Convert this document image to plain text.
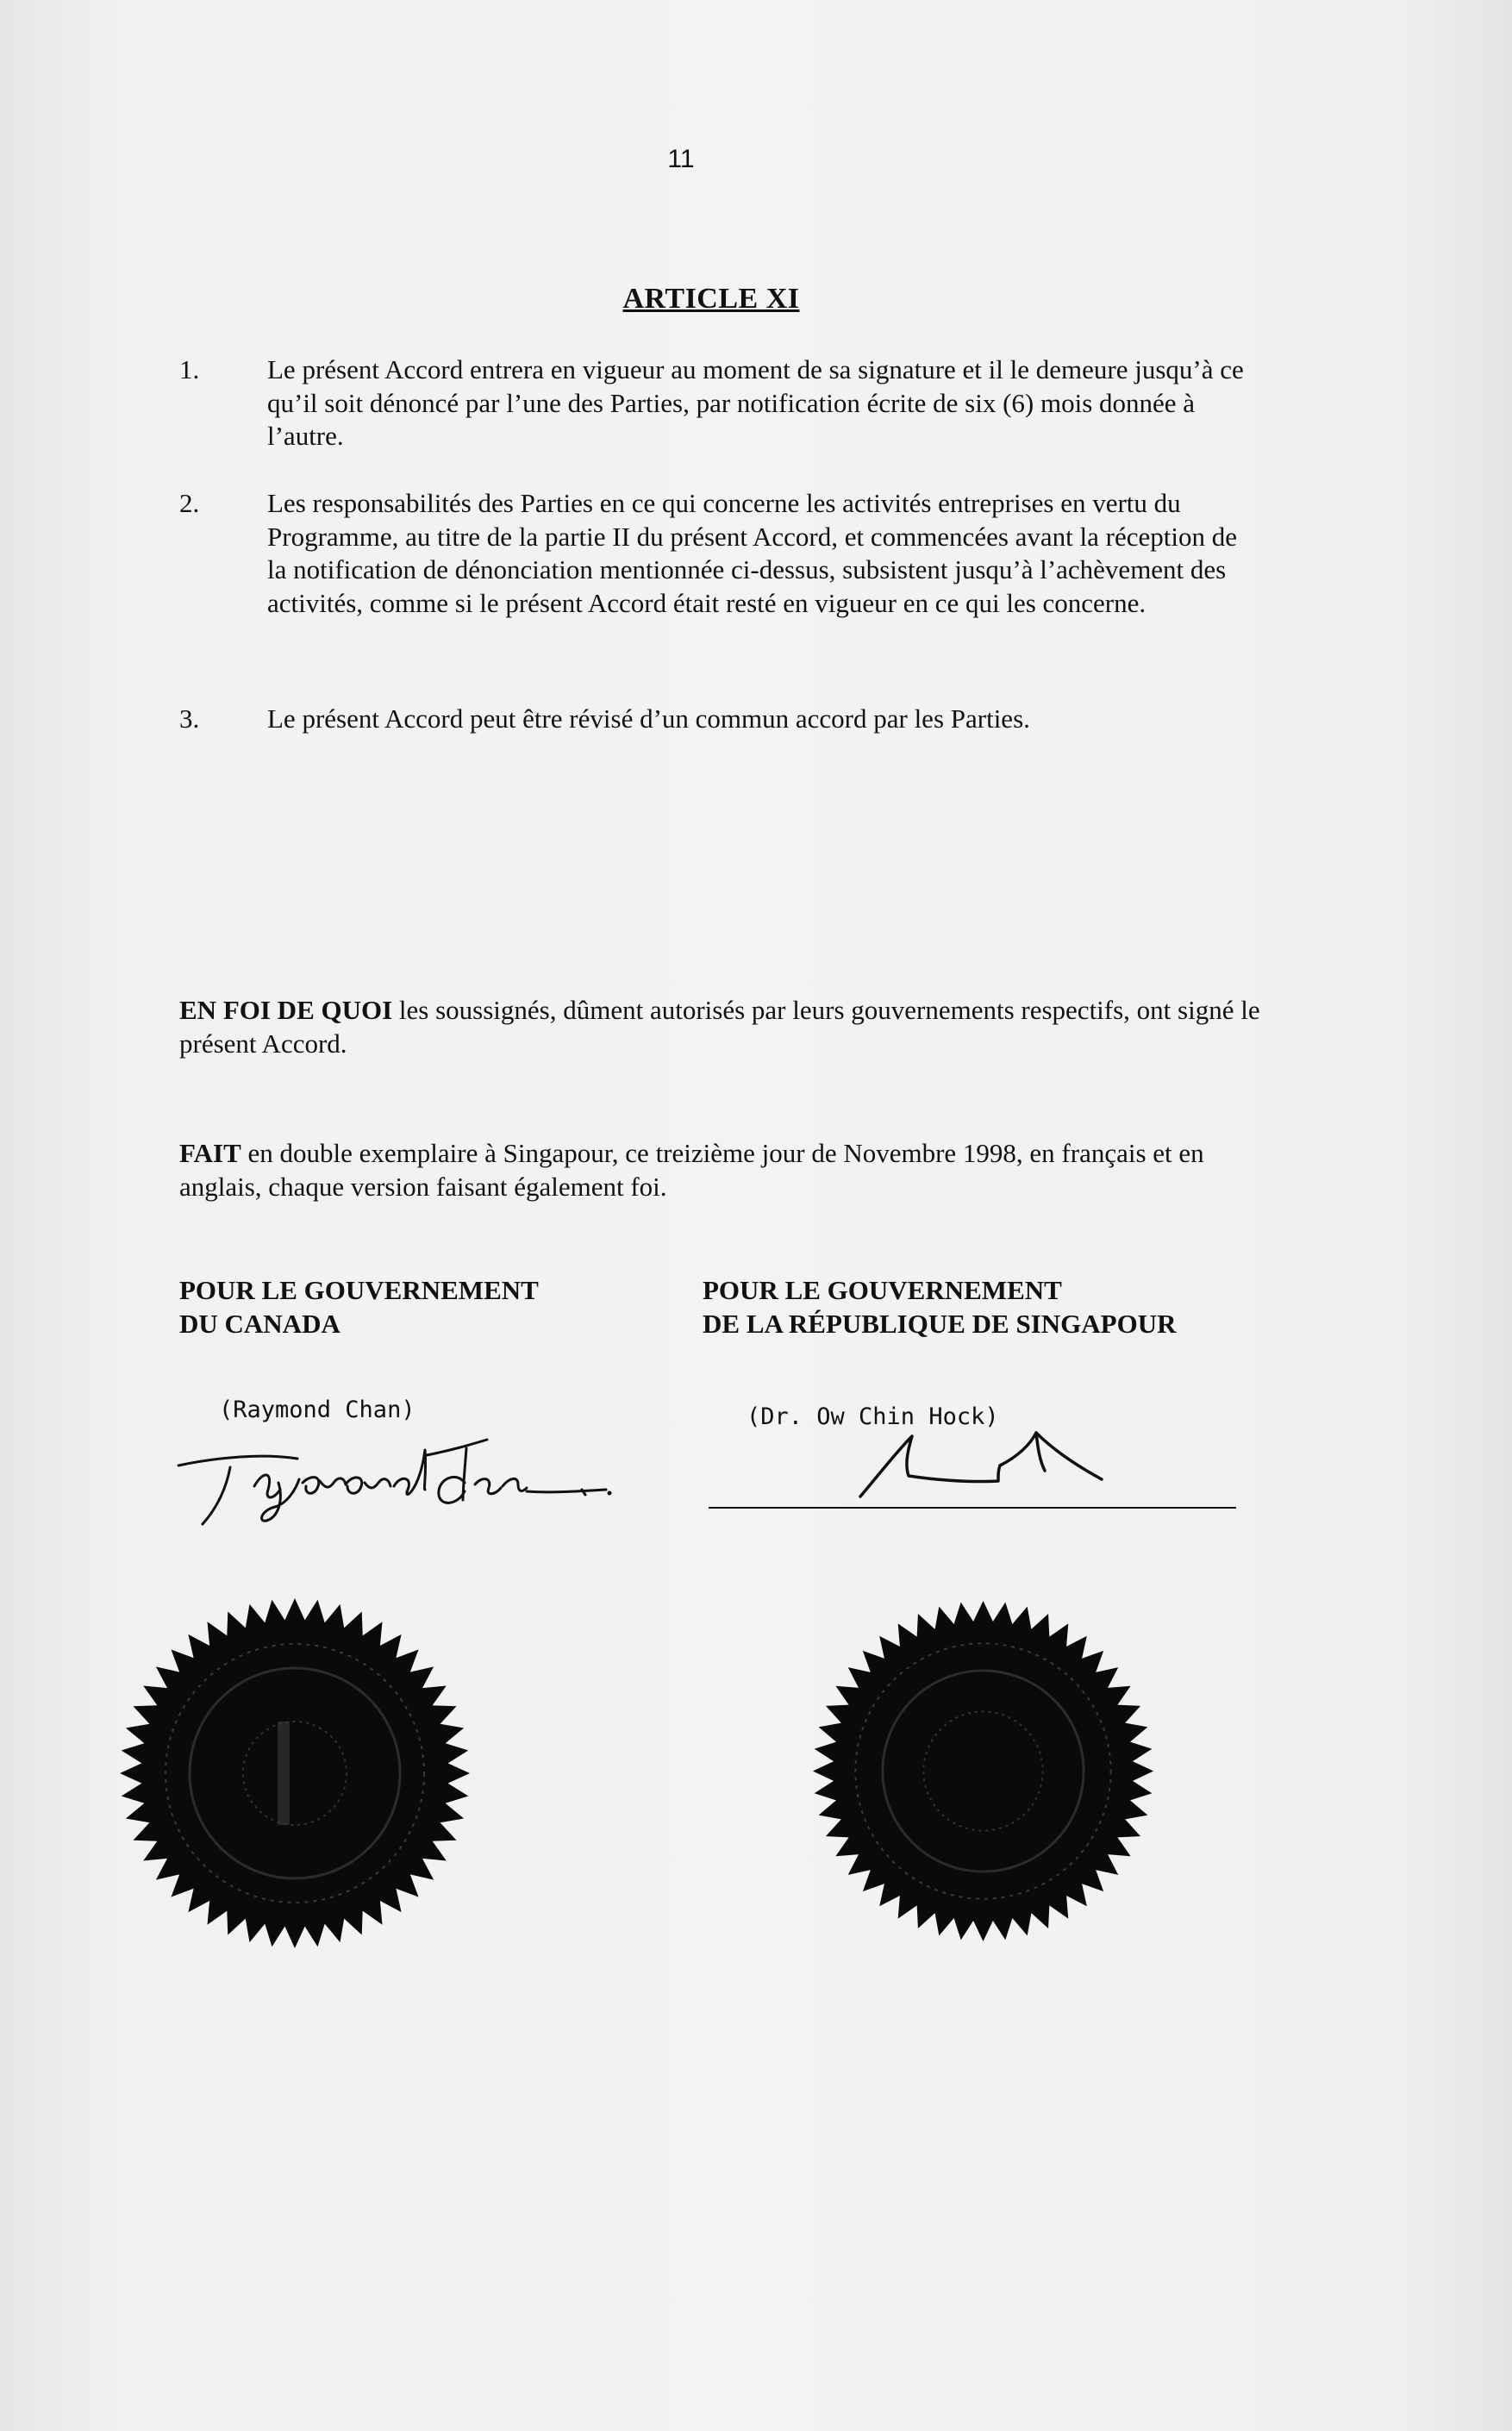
11
ARTICLE XI
1.	Le présent Accord entrera en vigueur au moment de sa signature et il le demeure jusqu’à ce qu’il soit dénoncé par l’une des Parties, par notification écrite de six (6) mois donnée à l’autre.
2.	Les responsabilités des Parties en ce qui concerne les activités entreprises en vertu du Programme, au titre de la partie II du présent Accord, et commencées avant la réception de la notification de dénonciation mentionnée ci-dessus, subsistent jusqu’à l’achèvement des activités, comme si le présent Accord était resté en vigueur en ce qui les concerne.
3.	Le présent Accord peut être révisé d’un commun accord par les Parties.
EN FOI DE QUOI les soussignés, dûment autorisés par leurs gouvernements respectifs, ont signé le présent Accord.
FAIT en double exemplaire à Singapour, ce treizième jour de Novembre 1998, en français et en anglais, chaque version faisant également foi.
POUR LE GOUVERNEMENT
DU CANADA
POUR LE GOUVERNEMENT
DE LA RÉPUBLIQUE DE SINGAPOUR
(Raymond Chan)	(Dr. Ow Chin Hock)
